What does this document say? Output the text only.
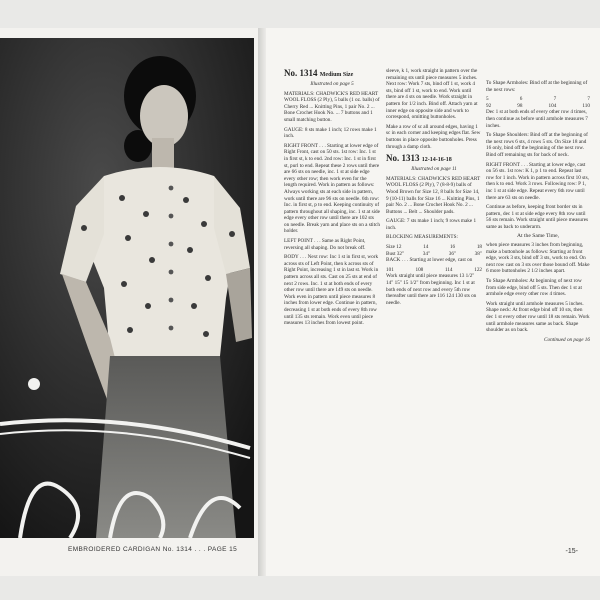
EMBROIDERED CARDIGAN No. 1314 . . . PAGE 15
No. 1314 Medium Size
Illustrated on page 5

MATERIALS: CHADWICK'S RED HEART WOOL FLOSS (2 Ply), 5 balls (1 oz. balls) of Cherry Red ... Knitting Pins, 1 pair No. 2 ... Bone Crochet Hook No. ... 7 buttons and 1 small matching button.

GAUGE: 8 sts make 1 inch; 12 rows make 1 inch.

RIGHT FRONT . . . Starting at lower edge of Right Front, cast on 50 sts. 1st row: Inc. 1 st in first st, k to end. 2nd row: Inc. 1 st in first st, purl to end. Repeat these 2 rows until there are 66 sts on needle, inc. 1 st at side edge every other row; then work even for the length required. Work in pattern as follows: Always working sts at each side in pattern, work until there are 96 sts on needle. 6th row: Inc. in first st, p to end. Keeping continuity of pattern throughout all shaping, inc. 1 st at side edge every other row until there are 102 sts on needle. Break yarn and place sts on a stitch holder.

LEFT POINT . . . Same as Right Point, reversing all shaping. Do not break off.

BODY . . . Next row: Inc 1 st in first st, work across sts of Left Point, then k across sts of Right Point, increasing 1 st in last st. Work in pattern across all sts. Cast on 25 sts at end of next 2 rows. Inc. 1 st at both ends of every other row until there are 149 sts on needle. Work even in pattern until piece measures 8 inches from lower edge. Continue in pattern, decreasing 1 st at both ends of every 8th row until 135 sts remain. Work even until piece measures 13 inches from lowest point.

sleeve, k 1, work straight in pattern over the remaining sts until piece measures 5 inches. Next row: Work 7 sts, bind off 1 st, work 4 sts, bind off 1 st, work to end. Work until there are 4 sts on needle. Work straight in pattern for 1/2 inch. Bind off. Attach yarn at inner edge on opposite side and work to correspond, omitting buttonholes.

Make a row of sc all around edges, having 1 sc in each corner and keeping edges flat. Sew buttons in place opposite buttonholes. Press through a damp cloth.

No. 1313 12-14-16-18
Illustrated on page 11

MATERIALS: CHADWICK'S RED HEART WOOL FLOSS (2 Ply), 7 (8-8-9) balls of Wood Brown for Size 12, 8 balls for Size 14, 9 (10-11) balls for Size 16 ... Knitting Pins, 1 pair No. 2 ... Bone Crochet Hook No. 2 ... Buttons ... Belt ... Shoulder pads.

GAUGE: 7 sts make 1 inch; 9 rows make 1 inch.

BLOCKING MEASUREMENTS:

Size 12	14	16	18
Bust 32"	34"	36"	38"

BACK . . . Starting at lower edge, cast on

101	108	114	122

Work straight until piece measures 13 1/2" 14" 15" 15 1/2" from beginning. Inc 1 st at both ends of next row and every 5th row thereafter until there are 116 124 130 sts on needle.

To Shape Armholes: Bind off at the beginning of the next rows:

5	6	7	7
92	98	104	110

Dec 1 st at both ends of every other row 4 times, then continue as before until armhole measures 7 inches.

To Shape Shoulders: Bind off at the beginning of the next rows 6 sts, 4 rows 5 sts. On Size 18 and 16 only, bind off the beginning of the next row. Bind off remaining sts for back of neck.

RIGHT FRONT . . . Starting at lower edge, cast on 56 sts. 1st row: K 1, p 1 to end. Repeat last row for 1 inch. Work in pattern across first 10 sts, then k to end. Work 3 rows. Following row: P 1, inc 1 st at side edge. Repeat every 6th row until there are 63 sts on needle.

Continue as before, keeping front border sts in pattern, dec 1 st at side edge every 8th row until 56 sts remain. Work straight until piece measures same as back to underarm.

At the Same Time,

when piece measures 3 inches from beginning, make a buttonhole as follows: Starting at front edge, work 3 sts, bind off 3 sts, work to end. On next row cast on 3 sts over those bound off. Make 6 more buttonholes 2 1/2 inches apart.

To Shape Armholes: At beginning of next row from side edge, bind off 5 sts. Then dec 1 st at armhole edge every other row 4 times.

Work straight until armhole measures 5 inches. Shape neck: At front edge bind off 10 sts, then dec 1 st every other row until 18 sts remain. Work until armhole measures same as back. Shape shoulder as on back.

Continued on page 16
-15-
